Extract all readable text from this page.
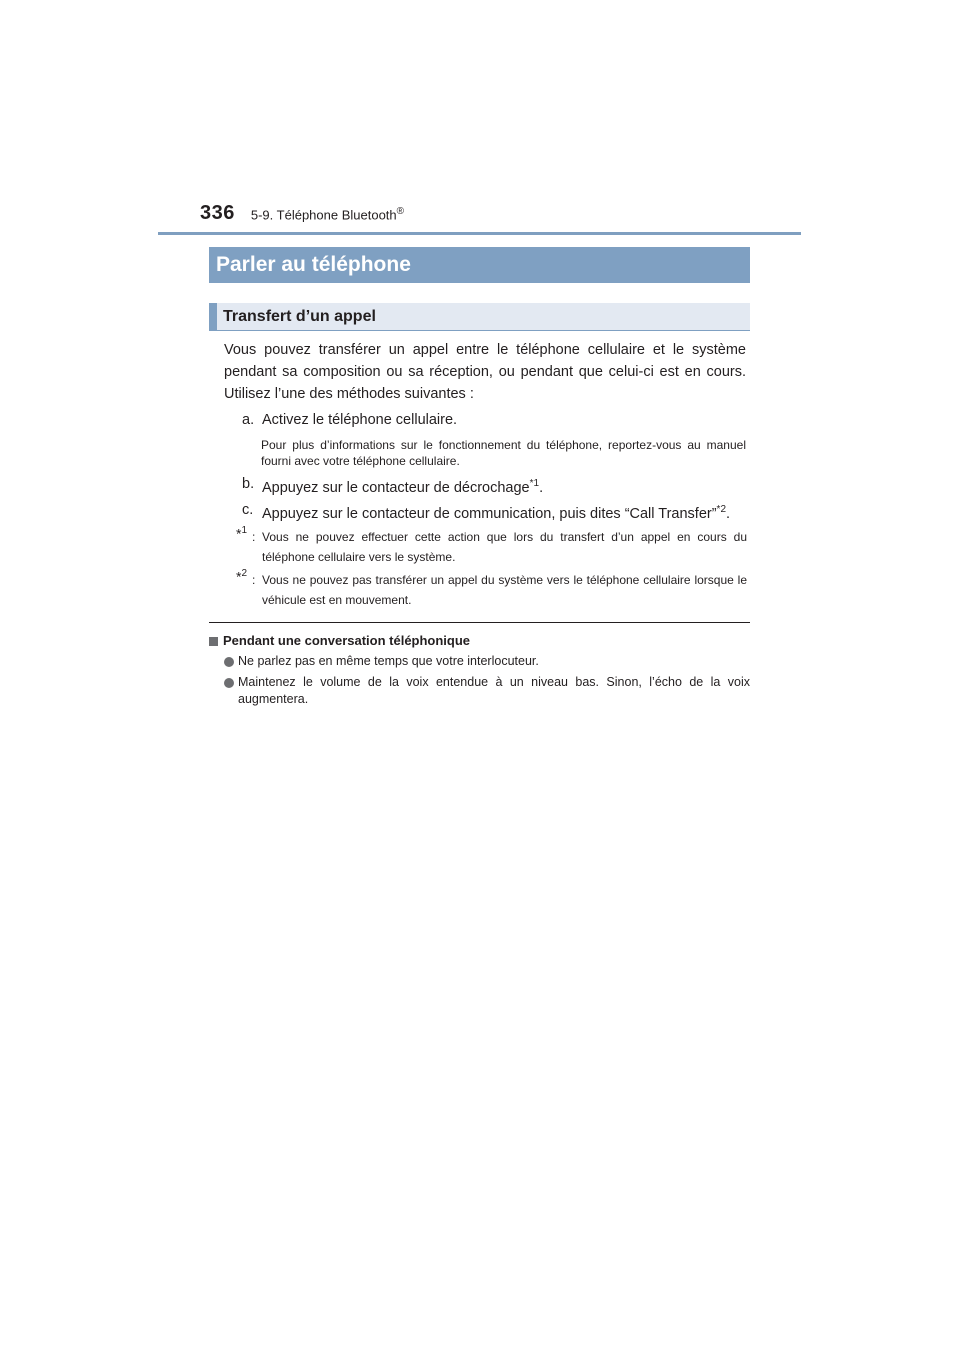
336 5-9. Téléphone Bluetooth®
Parler au téléphone
Transfert d’un appel
Vous pouvez transférer un appel entre le téléphone cellulaire et le système pendant sa composition ou sa réception, ou pendant que celui-ci est en cours. Utilisez l’une des méthodes suivantes :
a. Activez le téléphone cellulaire.
Pour plus d’informations sur le fonctionnement du téléphone, reportez-vous au manuel fourni avec votre téléphone cellulaire.
b. Appuyez sur le contacteur de décrochage$^{*1}$.
c. Appuyez sur le contacteur de communication, puis dites “Call Transfer”$^{*2}$.
*$^1$ : Vous ne pouvez effectuer cette action que lors du transfert d’un appel en cours du téléphone cellulaire vers le système.
*$^2$ : Vous ne pouvez pas transférer un appel du système vers le téléphone cellulaire lorsque le véhicule est en mouvement.
Pendant une conversation téléphonique
Ne parlez pas en même temps que votre interlocuteur.
Maintenez le volume de la voix entendue à un niveau bas. Sinon, l’écho de la voix augmentera.
